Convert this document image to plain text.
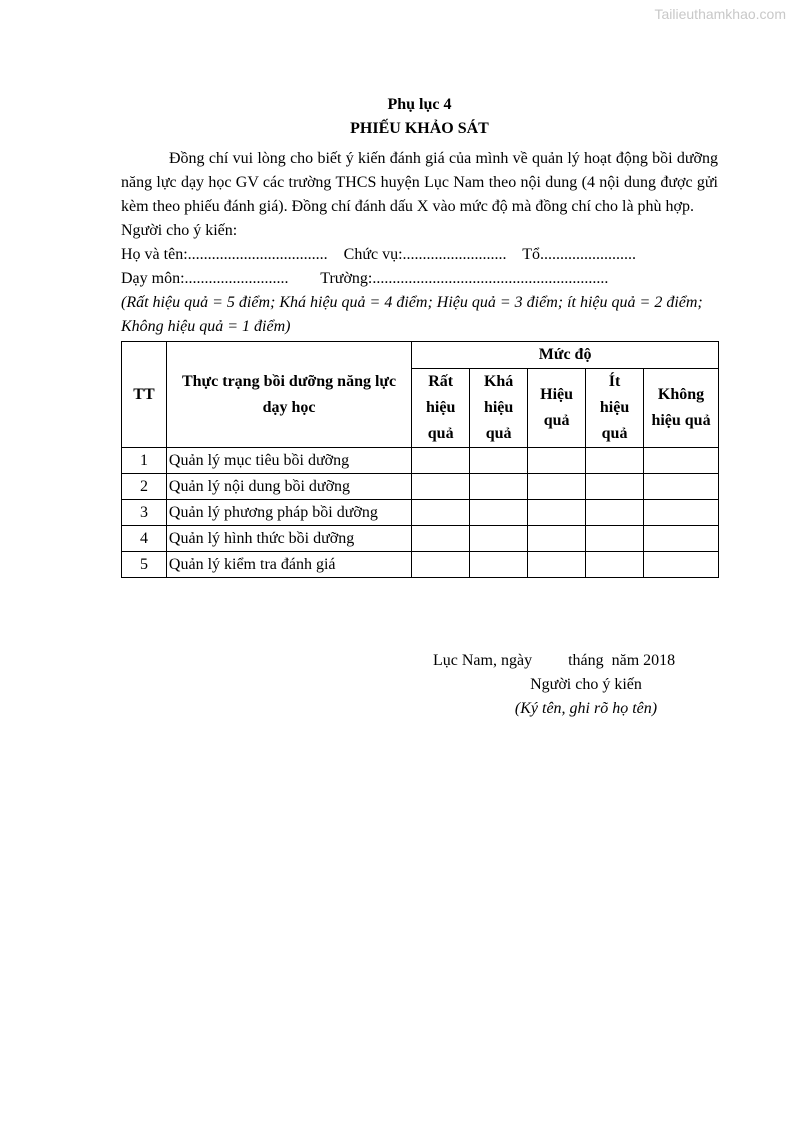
Tailieuthamkhao.com
Phụ lục 4
PHIẾU KHẢO SÁT

Đồng chí vui lòng cho biết ý kiến đánh giá của mình về quản lý hoạt động bồi dưỡng năng lực dạy học GV các trường THCS huyện Lục Nam theo nội dung (4 nội dung được gửi kèm theo phiếu đánh giá). Đồng chí đánh dấu X vào mức độ mà đồng chí cho là phù hợp.

Người cho ý kiến:

Họ và tên:...................................    Chức vụ:..........................    Tổ........................

Dạy môn:..........................        Trường:...........................................................

(Rất hiệu quả = 5 điểm; Khá hiệu quả = 4 điểm; Hiệu quả = 3 điểm; ít hiệu quả = 2 điểm; Không hiệu quả = 1 điểm)

TT	Thực trạng bồi dưỡng năng lực dạy học	Mức độ				
		Rất hiệu quả	Khá hiệu quả	Hiệu quả	Ít hiệu quả	Không hiệu quả
1	Quản lý mục tiêu bồi dưỡng					
2	Quản lý nội dung bồi dưỡng					
3	Quản lý phương pháp bồi dưỡng					
4	Quản lý hình thức bồi dưỡng					
5	Quản lý kiểm tra đánh giá					
Lục Nam, ngày         tháng  năm 2018
Người cho ý kiến
(Ký tên, ghi rõ họ tên)
